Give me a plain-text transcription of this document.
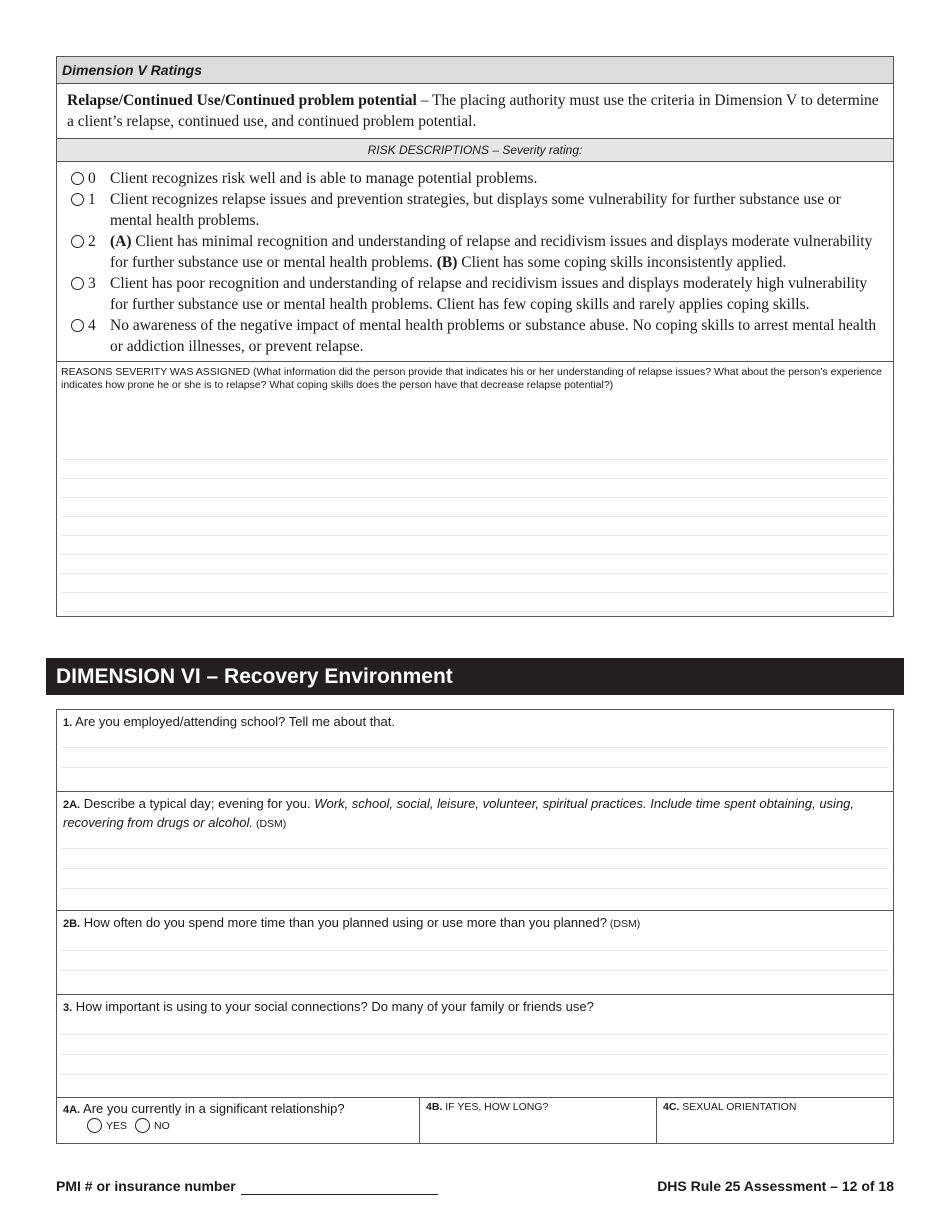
Dimension V Ratings
Relapse/Continued Use/Continued problem potential – The placing authority must use the criteria in Dimension V to determine a client’s relapse, continued use, and continued problem potential.
RISK DESCRIPTIONS – Severity rating:
0 Client recognizes risk well and is able to manage potential problems.
1 Client recognizes relapse issues and prevention strategies, but displays some vulnerability for further substance use or mental health problems.
2 (A) Client has minimal recognition and understanding of relapse and recidivism issues and displays moderate vulnerability for further substance use or mental health problems. (B) Client has some coping skills inconsistently applied.
3 Client has poor recognition and understanding of relapse and recidivism issues and displays moderately high vulnerability for further substance use or mental health problems. Client has few coping skills and rarely applies coping skills.
4 No awareness of the negative impact of mental health problems or substance abuse. No coping skills to arrest mental health or addiction illnesses, or prevent relapse.
REASONS SEVERITY WAS ASSIGNED (What information did the person provide that indicates his or her understanding of relapse issues? What about the person’s experience indicates how prone he or she is to relapse? What coping skills does the person have that decrease relapse potential?)
DIMENSION VI – Recovery Environment
1. Are you employed/attending school? Tell me about that.
2A. Describe a typical day; evening for you. Work, school, social, leisure, volunteer, spiritual practices. Include time spent obtaining, using, recovering from drugs or alcohol. (DSM)
2B. How often do you spend more time than you planned using or use more than you planned? (DSM)
3. How important is using to your social connections? Do many of your family or friends use?
4A. Are you currently in a significant relationship?
YES	NO
4B. IF YES, HOW LONG?	4C. SEXUAL ORIENTATION
PMI # or insurance number	DHS Rule 25 Assessment – 12 of 18
